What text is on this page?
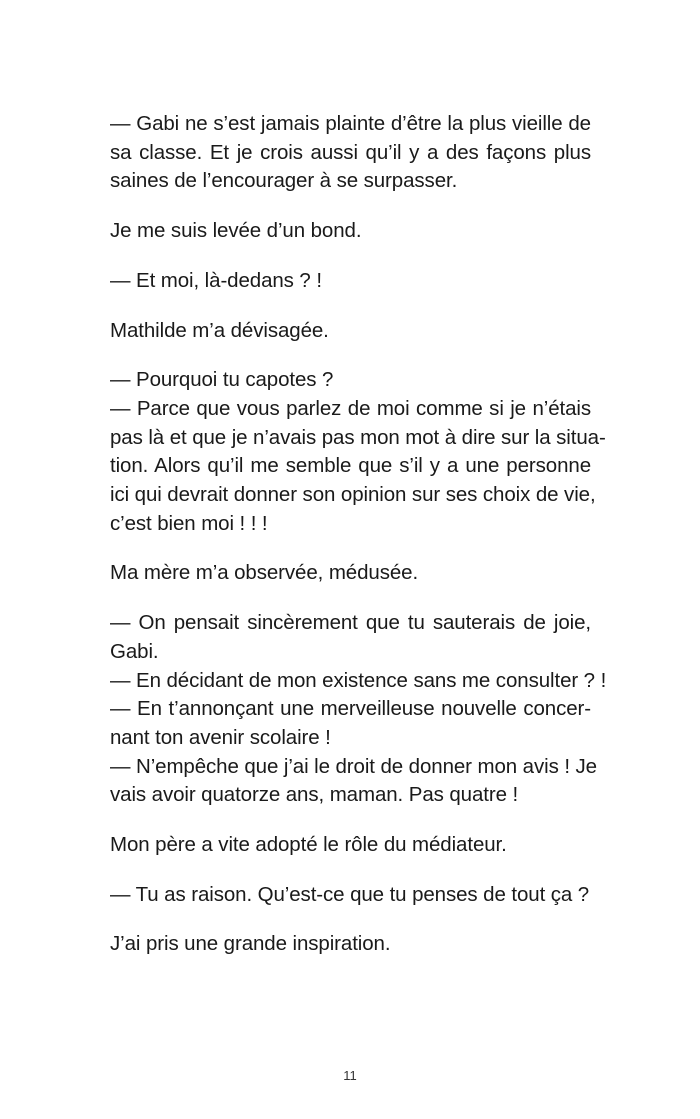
— Gabi ne s’est jamais plainte d’être la plus vieille de
sa classe. Et je crois aussi qu’il y a des façons plus
saines de l’encourager à se surpasser.

Je me suis levée d’un bond.

— Et moi, là-dedans ? !

Mathilde m’a dévisagée.

— Pourquoi tu capotes ?
— Parce que vous parlez de moi comme si je n’étais
pas là et que je n’avais pas mon mot à dire sur la situa-
tion. Alors qu’il me semble que s’il y a une personne
ici qui devrait donner son opinion sur ses choix de vie,
c’est bien moi ! ! !

Ma mère m’a observée, médusée.

— On pensait sincèrement que tu sauterais de joie,
Gabi.
— En décidant de mon existence sans me consulter ? !
— En t’annonçant une merveilleuse nouvelle concer-
nant ton avenir scolaire !
— N’empêche que j’ai le droit de donner mon avis ! Je
vais avoir quatorze ans, maman. Pas quatre !

Mon père a vite adopté le rôle du médiateur.

— Tu as raison. Qu’est-ce que tu penses de tout ça ?

J’ai pris une grande inspiration.

11
